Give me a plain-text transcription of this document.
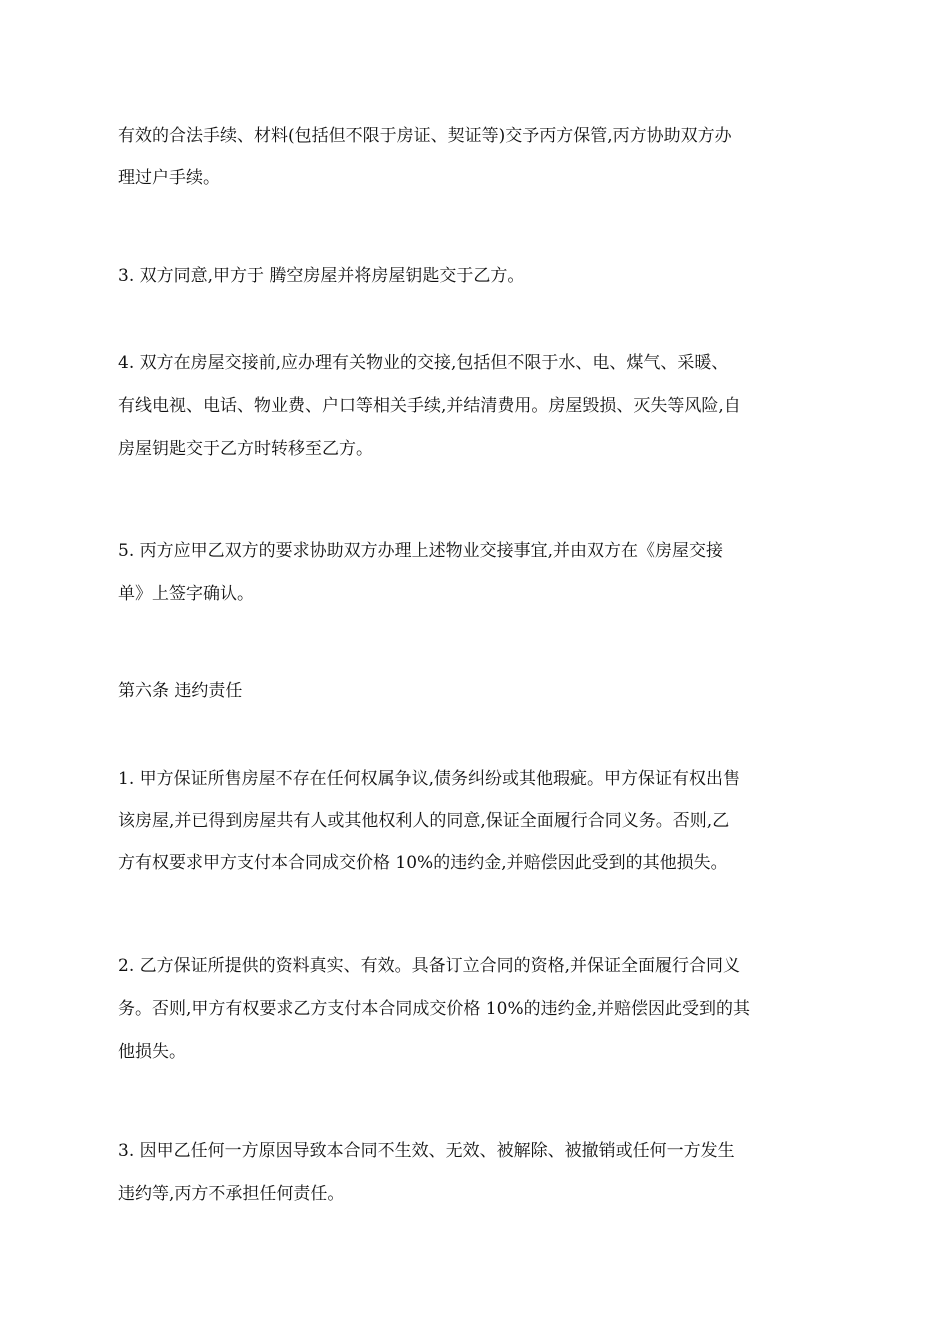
有效的合法手续、材料(包括但不限于房证、契证等)交予丙方保管,丙方协助双方办
理过户手续。
3. 双方同意,甲方于 腾空房屋并将房屋钥匙交于乙方。
4. 双方在房屋交接前,应办理有关物业的交接,包括但不限于水、电、煤气、采暖、
有线电视、电话、物业费、户口等相关手续,并结清费用。房屋毁损、灭失等风险,自
房屋钥匙交于乙方时转移至乙方。
5. 丙方应甲乙双方的要求协助双方办理上述物业交接事宜,并由双方在《房屋交接
单》上签字确认。
第六条 违约责任
1. 甲方保证所售房屋不存在任何权属争议,债务纠纷或其他瑕疵。甲方保证有权出售
该房屋,并已得到房屋共有人或其他权利人的同意,保证全面履行合同义务。否则,乙
方有权要求甲方支付本合同成交价格 10%的违约金,并赔偿因此受到的其他损失。
2. 乙方保证所提供的资料真实、有效。具备订立合同的资格,并保证全面履行合同义
务。否则,甲方有权要求乙方支付本合同成交价格 10%的违约金,并赔偿因此受到的其
他损失。
3. 因甲乙任何一方原因导致本合同不生效、无效、被解除、被撤销或任何一方发生
违约等,丙方不承担任何责任。
